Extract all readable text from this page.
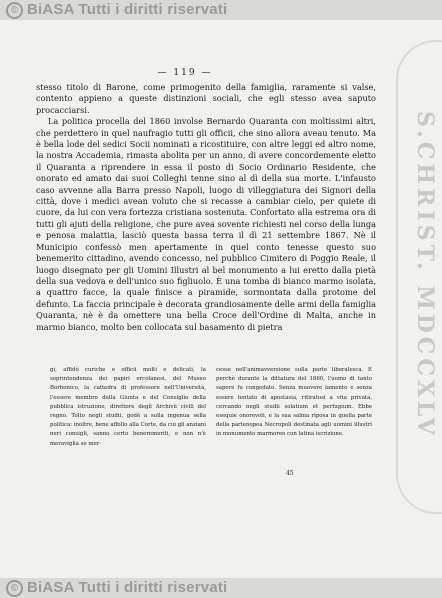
© BiASA Tutti i diritti riservati
S.CHRIST. MDCCXLV
— 119 —

stesso titolo di Barone, come primogenito della famiglia, raramente si valse, contento appieno a queste distinzioni sociali, che egli stesso avea saputo procacciarsi.

La politica procella del 1860 involse Bernardo Quaranta con moltissimi altri, che perdettero in quel naufragio tutti gli officii, che sino allora aveau tenuto. Ma è bella lode del sedici Socii nominati a ricostituire, con altre leggi ed altro nome, la nostra Accademia, rimasta abolita per un anno, di avere concordemente eletto il Quaranta a riprendere in essa il posto di Socio Ordinario Residente, che onorato ed amato dai suoi Colleghi tenne sino al dì della sua morte. L'infausto caso avvenne alla Barra presso Napoli, luogo di villeggiatura dei Signori della città, dove i medici avean voluto che si recasse a cambiar cielo, per quiete di cuore, da lui con vera fortezza cristiana sostenuta. Confortato alla estrema ora di tutti gli ajuti della religione, che pure avea sovente richiesti nel corso della lunga e penosa malattia, lasciò questa bassa terra il dì 21 settembre 1867. Nè il Municipio confessò men apertamente in quel conto tenesse questo suo benemerito cittadino, avendo concesso, nel pubblico Cimitero di Poggio Reale, il luogo disegnato per gli Uomini Illustri al bel monumento a lui eretto dalla pietà della sua vedova e dell'unico suo figliuolo. È una tomba di bianco marmo isolata, a quattro facce, la quale finisce a piramide, sormontata dalla protome del defunto. La faccia principale è decorata grandiosamente delle armi della famiglia Quaranta, nè è da omettere una bella Croce dell'Ordine di Malta, anche in marmo bianco, molto ben collocata sul basamento di pietra

gi, affidò curiche e officii molti e delicati, la soprintendenza dei papiri ercolanesi, del Museo Borbonico, la cattedra di professore nell'Università, l'essere membro della Giunta e del Consiglio della pubblica istruzione, direttore degli Archivii civili del regno. Tolto negli studii, godè a sulla ingenua sella politica: inoltre, bene affollo alla Corte, da cui gli anziani neri consigli, sanno certo beneremeriti, e non n'è meraviglia se mer-

cesse nell'animavversione sulla parte liberalesca. E perchè durante la dittatura del 1860, l'uomo di tanto sapere fu congedato. Senza muovere lamento e senza essere tentato di apostasia, ritiratosi a vita privata, cercando negli studii solatium et perfugium. Ebbe esequie onorevoli, e la sua salma riposa in quella parte della partenopea Necropoli destinata agli uomini illustri in monumento marmoreo con latina iscrizione.

45
© BiASA Tutti i diritti riservati
